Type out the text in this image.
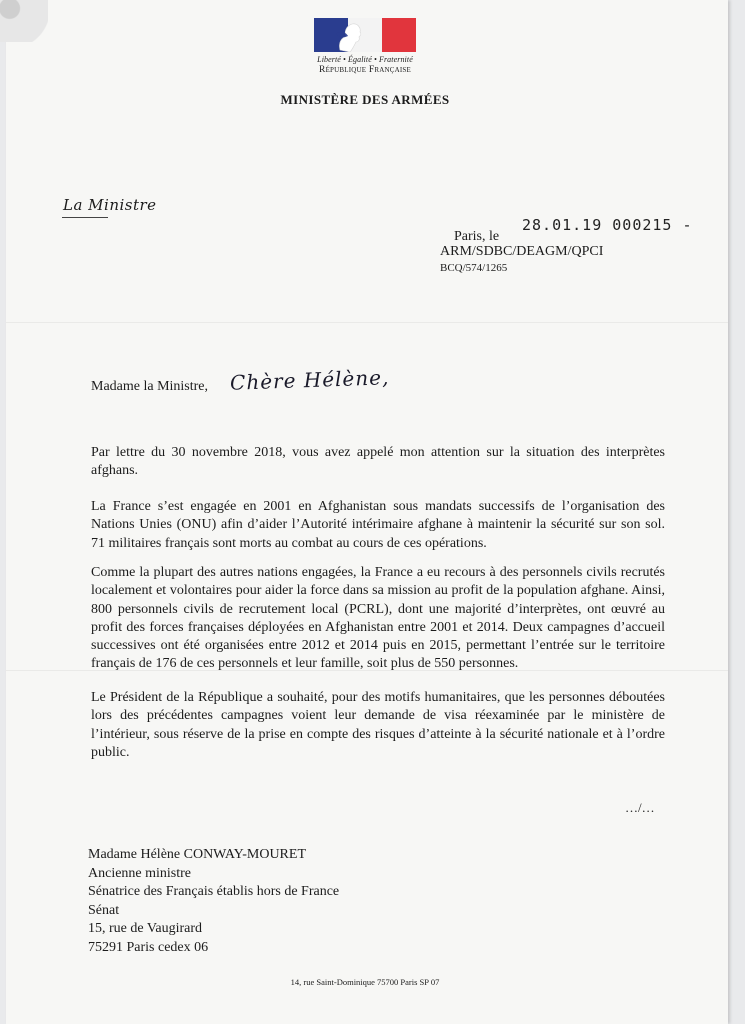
Liberté • Égalité • Fraternité
République Française
MINISTÈRE DES ARMÉES
La Ministre
28.01.19 000215 -
Paris, le
ARM/SDBC/DEAGM/QPCI
BCQ/574/1265
Madame la Ministre, Chère Hélène,
Par lettre du 30 novembre 2018, vous avez appelé mon attention sur la situation des interprètes afghans.
La France s’est engagée en 2001 en Afghanistan sous mandats successifs de l’organisation des Nations Unies (ONU) afin d’aider l’Autorité intérimaire afghane à maintenir la sécurité sur son sol. 71 militaires français sont morts au combat au cours de ces opérations.
Comme la plupart des autres nations engagées, la France a eu recours à des personnels civils recrutés localement et volontaires pour aider la force dans sa mission au profit de la population afghane. Ainsi, 800 personnels civils de recrutement local (PCRL), dont une majorité d’interprètes, ont œuvré au profit des forces françaises déployées en Afghanistan entre 2001 et 2014. Deux campagnes d’accueil successives ont été organisées entre 2012 et 2014 puis en 2015, permettant l’entrée sur le territoire français de 176 de ces personnels et leur famille, soit plus de 550 personnes.
Le Président de la République a souhaité, pour des motifs humanitaires, que les personnes déboutées lors des précédentes campagnes voient leur demande de visa réexaminée par le ministère de l’intérieur, sous réserve de la prise en compte des risques d’atteinte à la sécurité nationale et à l’ordre public.
…/…
Madame Hélène CONWAY-MOURET
Ancienne ministre
Sénatrice des Français établis hors de France
Sénat
15, rue de Vaugirard
75291 Paris cedex 06
14, rue Saint-Dominique 75700 Paris SP 07
